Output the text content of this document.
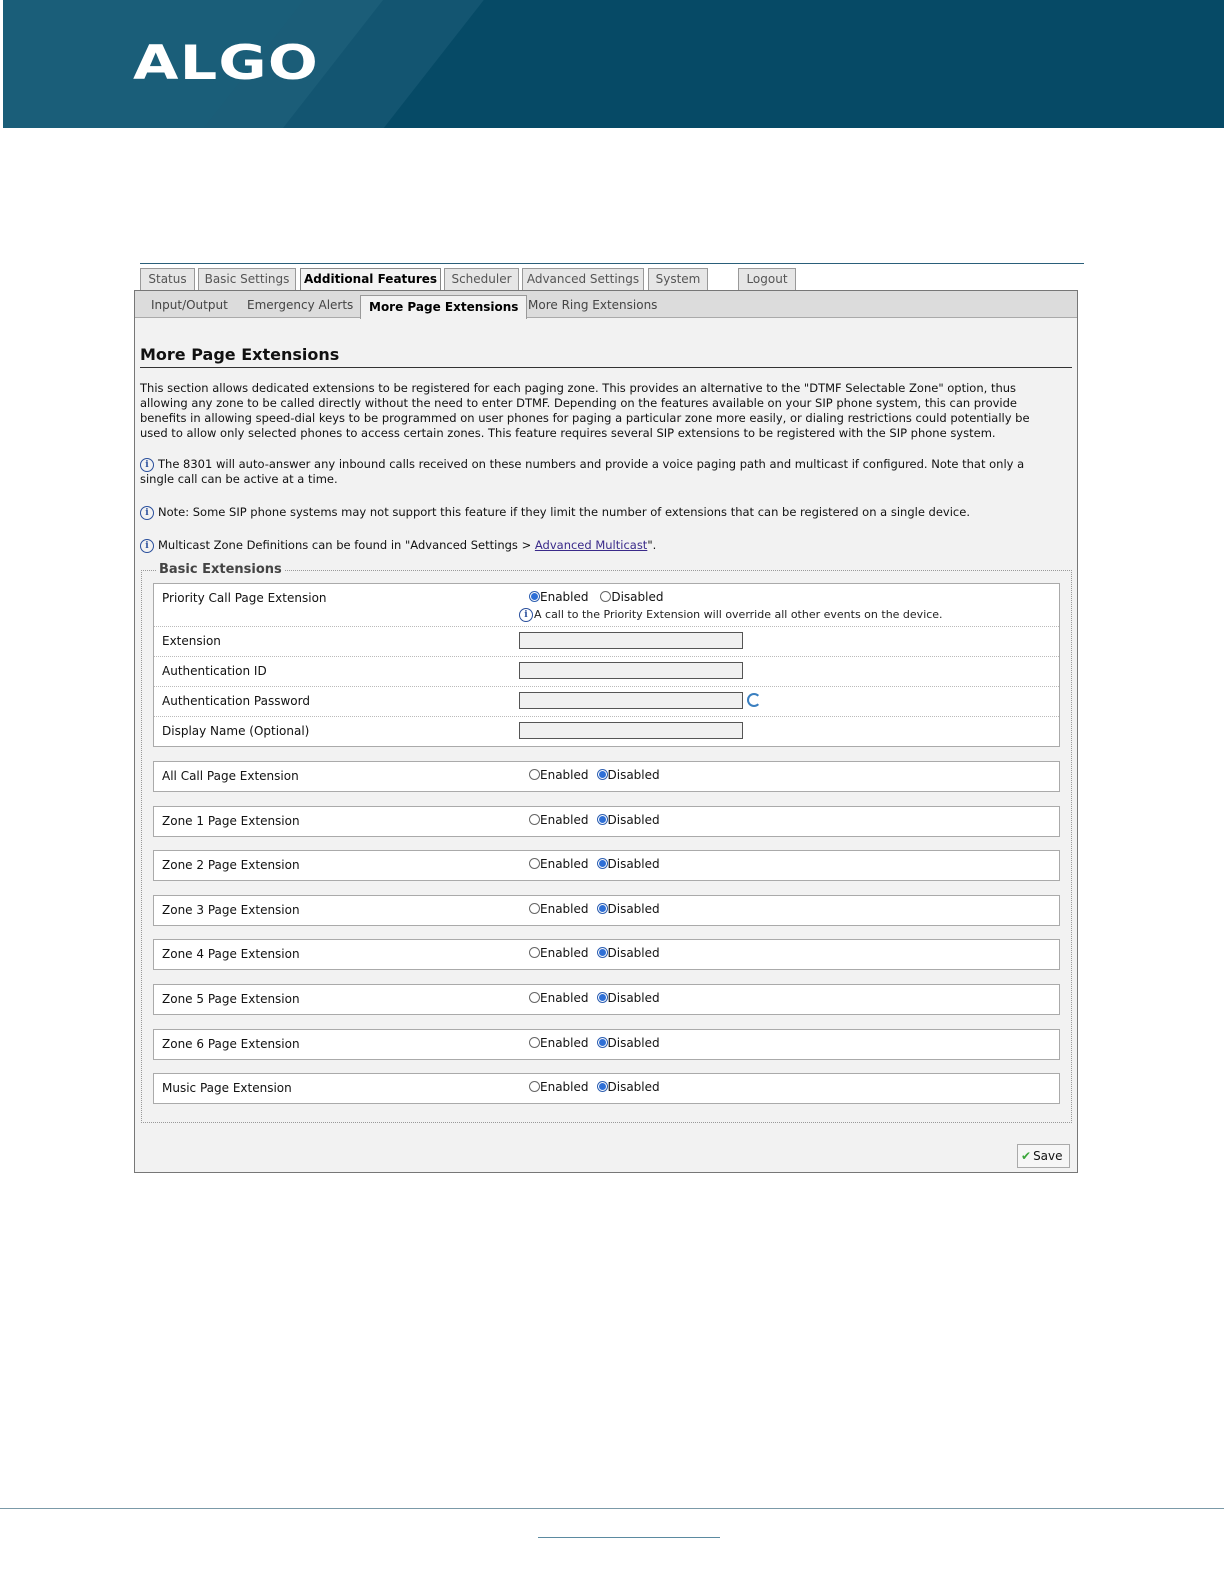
ALGO
Status	Basic Settings	Additional Features	Scheduler	Advanced Settings	System	Logout
Input/Output Emergency Alerts	More Page Extensions More Ring Extensions
More Page Extensions

This section allows dedicated extensions to be registered for each paging zone. This provides an alternative to the "DTMF Selectable Zone" option, thus allowing any zone to be called directly without the need to enter DTMF. Depending on the features available on your SIP phone system, this can provide benefits in allowing speed-dial keys to be programmed on user phones for paging a particular zone more easily, or dialing restrictions could potentially be used to allow only selected phones to access certain zones. This feature requires several SIP extensions to be registered with the SIP phone system.

i The 8301 will auto-answer any inbound calls received on these numbers and provide a voice paging path and multicast if configured. Note that only a single call can be active at a time.

i Note: Some SIP phone systems may not support this feature if they limit the number of extensions that can be registered on a single device.

i Multicast Zone Definitions can be found in "Advanced Settings > Advanced Multicast".

Basic Extensions
Priority Call Page Extension	Enabled Disabled
i A call to the Priority Extension will override all other events on the device.
Extension
Authentication ID
Authentication Password
Display Name (Optional)
All Call Page Extension	Enabled Disabled
Zone 1 Page Extension	Enabled Disabled
Zone 2 Page Extension	Enabled Disabled
Zone 3 Page Extension	Enabled Disabled
Zone 4 Page Extension	Enabled Disabled
Zone 5 Page Extension	Enabled Disabled
Zone 6 Page Extension	Enabled Disabled
Music Page Extension	Enabled Disabled
✔ Save
